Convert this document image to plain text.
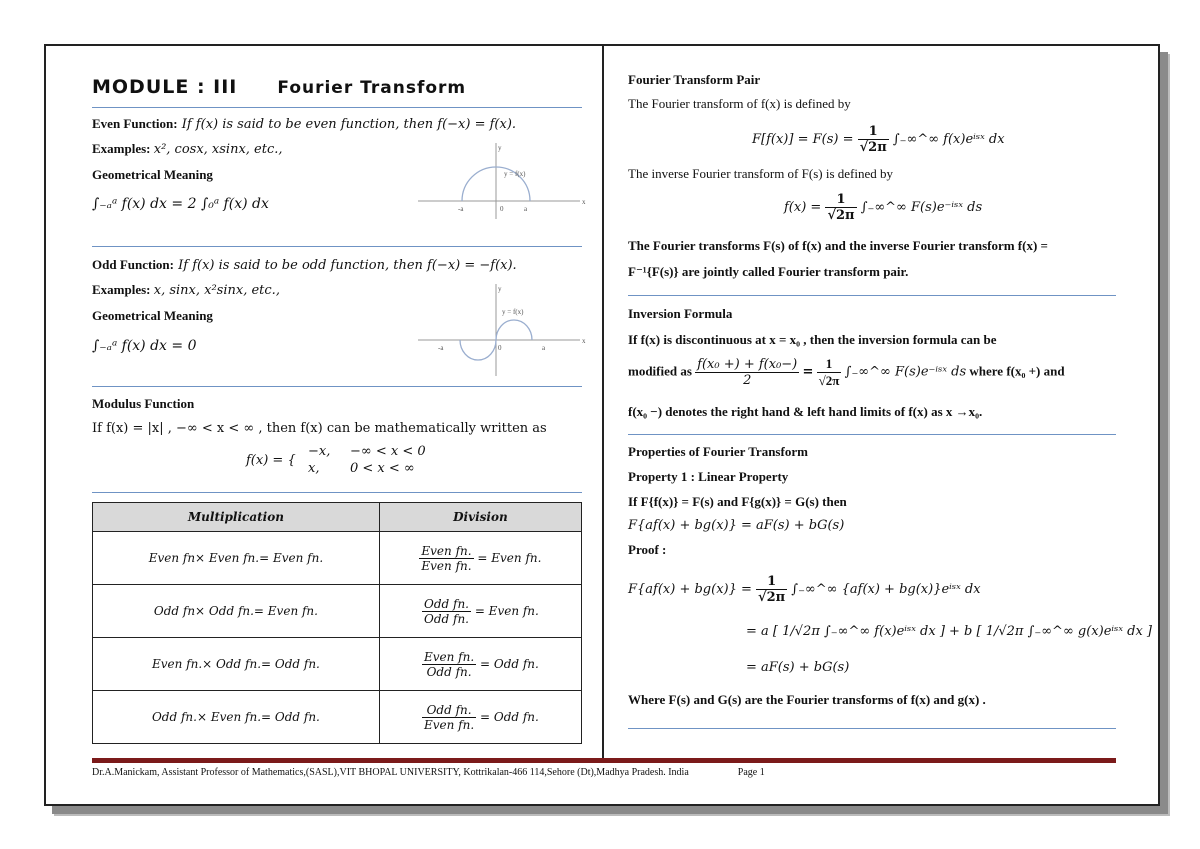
MODULE : III Fourier Transform
Even Function: If f(x) is said to be even function, then f(−x) = f(x).
Examples: x², cosx, xsinx, etc.,
Geometrical Meaning
∫₋ₐᵃ f(x) dx = 2 ∫₀ᵃ f(x) dx
y
x
y = f(x)
-a	0	a
Odd Function: If f(x) is said to be odd function, then f(−x) = −f(x).
Examples: x, sinx, x²sinx, etc.,
Geometrical Meaning
∫₋ₐᵃ f(x) dx = 0
y
x
y = f(x)
-a	0	a
Modulus Function
If f(x) = |x| , −∞ < x < ∞ , then f(x) can be mathematically written as
f(x) = {
−x, −∞ < x < 0
x, 0 < x < ∞
Multiplication	Division
Even fn× Even fn.= Even fn.	$\frac{\text{Even fn.}}{\text{Even fn.}}$ = Even fn.
Odd fn× Odd fn.= Even fn.	$\frac{\text{Odd fn.}}{\text{Odd fn.}}$ = Even fn.
Even fn.× Odd fn.= Odd fn.	$\frac{\text{Even fn.}}{\text{Odd fn.}}$ = Odd fn.
Odd fn.× Even fn.= Odd fn.	$\frac{\text{Odd fn.}}{\text{Even fn.}}$ = Odd fn.
Fourier Transform Pair
The Fourier transform of f(x) is defined by
$F[f(x)] = F(s) = \frac{1}{√2\pi}$ ∫₋∞^∞ f(x)eⁱˢˣ dx
The inverse Fourier transform of F(s) is defined by
$f(x) = \frac{1}{√2\pi}$ ∫₋∞^∞ F(s)e⁻ⁱˢˣ ds
The Fourier transforms F(s) of f(x) and the inverse Fourier transform f(x) =
F⁻¹{F(s)} are jointly called Fourier transform pair.
Inversion Formula
If f(x) is discontinuous at x = x₀ , then the inversion formula can be
modified as $\frac{\text{f(x₀ +) + f(x₀−)}}{2} = \frac{1}{√2\pi}$ ∫₋∞^∞ F(s)e⁻ⁱˢˣ ds where f(x₀ +) and
f(x₀ −) denotes the right hand & left hand limits of f(x) as x →x₀.
Properties of Fourier Transform
Property 1 : Linear Property
If F{f(x)} = F(s) and F{g(x)} = G(s) then
F{af(x) + bg(x)} = aF(s) + bG(s)
Proof :
$F\{af(x) + bg(x)\} = \frac{1}{√2\pi}$ ∫₋∞^∞ {af(x) + bg(x)}eⁱˢˣ dx
= a [ 1/√2π ∫₋∞^∞ f(x)eⁱˢˣ dx ] + b [ 1/√2π ∫₋∞^∞ g(x)eⁱˢˣ dx ]
= aF(s) + bG(s)
Where F(s) and G(s) are the Fourier transforms of f(x) and g(x) .
Dr.A.Manickam, Assistant Professor of Mathematics,(SASL),VIT BHOPAL UNIVERSITY, Kottrikalan-466 114,Sehore (Dt),Madhya Pradesh. India	Page 1
